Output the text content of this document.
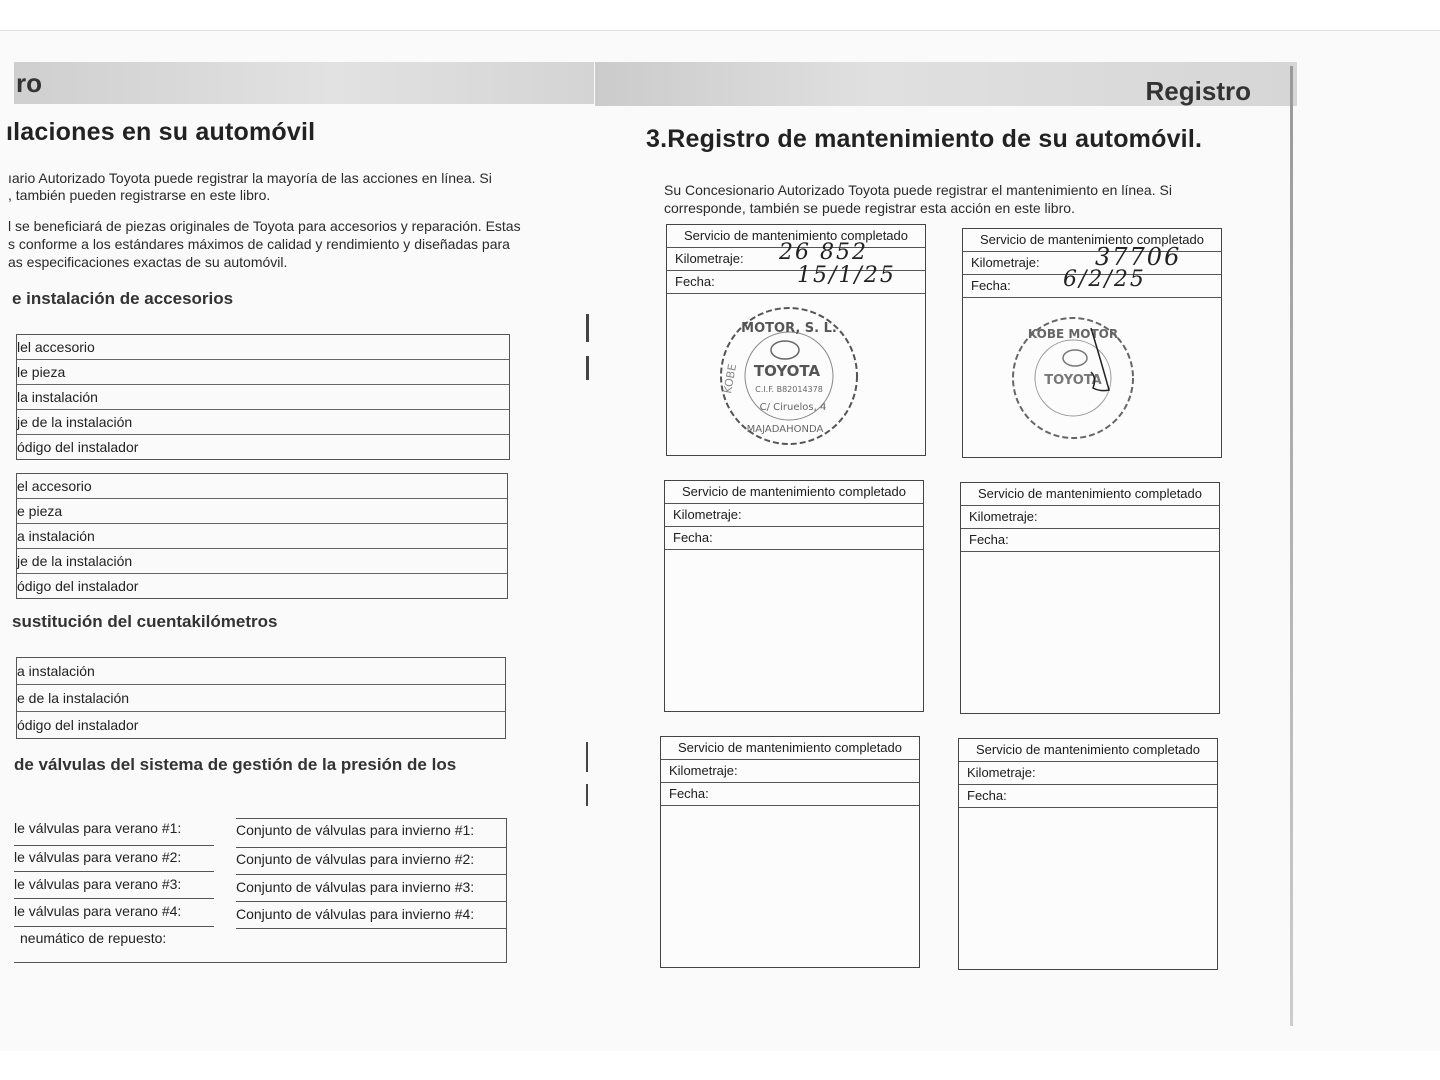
ro
ılaciones en su automóvil
ıario Autorizado Toyota puede registrar la mayoría de las acciones en línea. Si
, también pueden registrarse en este libro.
l se beneficiará de piezas originales de Toyota para accesorios y reparación. Estas
s conforme a los estándares máximos de calidad y rendimiento y diseñadas para
as especificaciones exactas de su automóvil.
e instalación de accesorios
lel accesorio
le pieza
la instalación
je de la instalación
ódigo del instalador
el accesorio
e pieza
a instalación
je de la instalación
ódigo del instalador
sustitución del cuentakilómetros
a instalación
e de la instalación
ódigo del instalador
de válvulas del sistema de gestión de la presión de los
le válvulas para verano #1:	Conjunto de válvulas para invierno #1:
le válvulas para verano #2:	Conjunto de válvulas para invierno #2:
le válvulas para verano #3:	Conjunto de válvulas para invierno #3:
le válvulas para verano #4:	Conjunto de válvulas para invierno #4:
neumático de repuesto:
Registro
3.Registro de mantenimiento de su automóvil.
Su Concesionario Autorizado Toyota puede registrar el mantenimiento en línea. Si
corresponde, también se puede registrar esta acción en este libro.
Servicio de mantenimiento completado
Kilometraje: 26 852
Fecha:	15/1/25
MOTOR, S. L.
TOYOTA
C.I.F. B82014378
C/ Ciruelos, 4
MAJADAHONDA
KOBE
Servicio de mantenimiento completado
Kilometraje: 37706
Fecha: 6/2/25
KOBE MOTOR
TOYOTA
Servicio de mantenimiento completado
Kilometraje:
Fecha:
Servicio de mantenimiento completado
Kilometraje:
Fecha:
Servicio de mantenimiento completado
Kilometraje:
Fecha:
Servicio de mantenimiento completado
Kilometraje:
Fecha:
